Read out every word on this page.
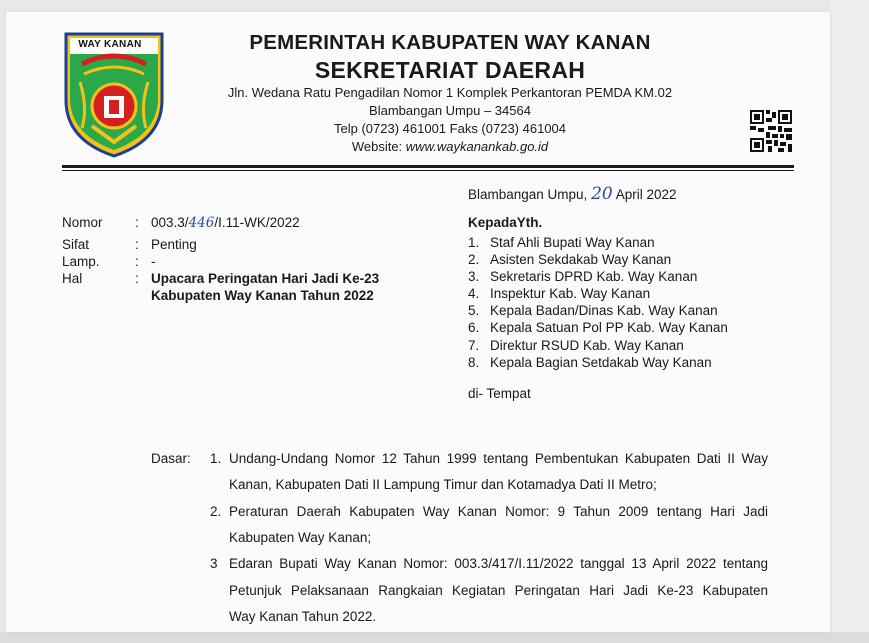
WAY KANAN	PEMERINTAH KABUPATEN WAY KANAN
SEKRETARIAT DAERAH
Jln. Wedana Ratu Pengadilan Nomor 1 Komplek Perkantoran PEMDA KM.02
Blambangan Umpu – 34564
Telp (0723) 461001 Faks (0723) 461004
Website: www.waykanankab.go.id
Blambangan Umpu, 20 April 2022
Nomor : 003.3/446/I.11-WK/2022
Sifat	: Penting
Lamp.	: -
Hal	: Upacara Peringatan Hari Jadi Ke-23
Kabupaten Way Kanan Tahun 2022
KepadaYth.
1. Staf Ahli Bupati Way Kanan
2. Asisten Sekdakab Way Kanan
3. Sekretaris DPRD Kab. Way Kanan
4. Inspektur Kab. Way Kanan
5. Kepala Badan/Dinas Kab. Way Kanan
6. Kepala Satuan Pol PP Kab. Way Kanan
7. Direktur RSUD Kab. Way Kanan
8. Kepala Bagian Setdakab Way Kanan
di- Tempat
Dasar: 1. Undang-Undang Nomor 12 Tahun 1999 tentang Pembentukan Kabupaten Dati II Way
Kanan, Kabupaten Dati II Lampung Timur dan Kotamadya Dati II Metro;
2. Peraturan Daerah Kabupaten Way Kanan Nomor: 9 Tahun 2009 tentang Hari Jadi
Kabupaten Way Kanan;
3 Edaran Bupati Way Kanan Nomor: 003.3/417/I.11/2022 tanggal 13 April 2022 tentang
Petunjuk Pelaksanaan Rangkaian Kegiatan Peringatan Hari Jadi Ke-23 Kabupaten
Way Kanan Tahun 2022.
